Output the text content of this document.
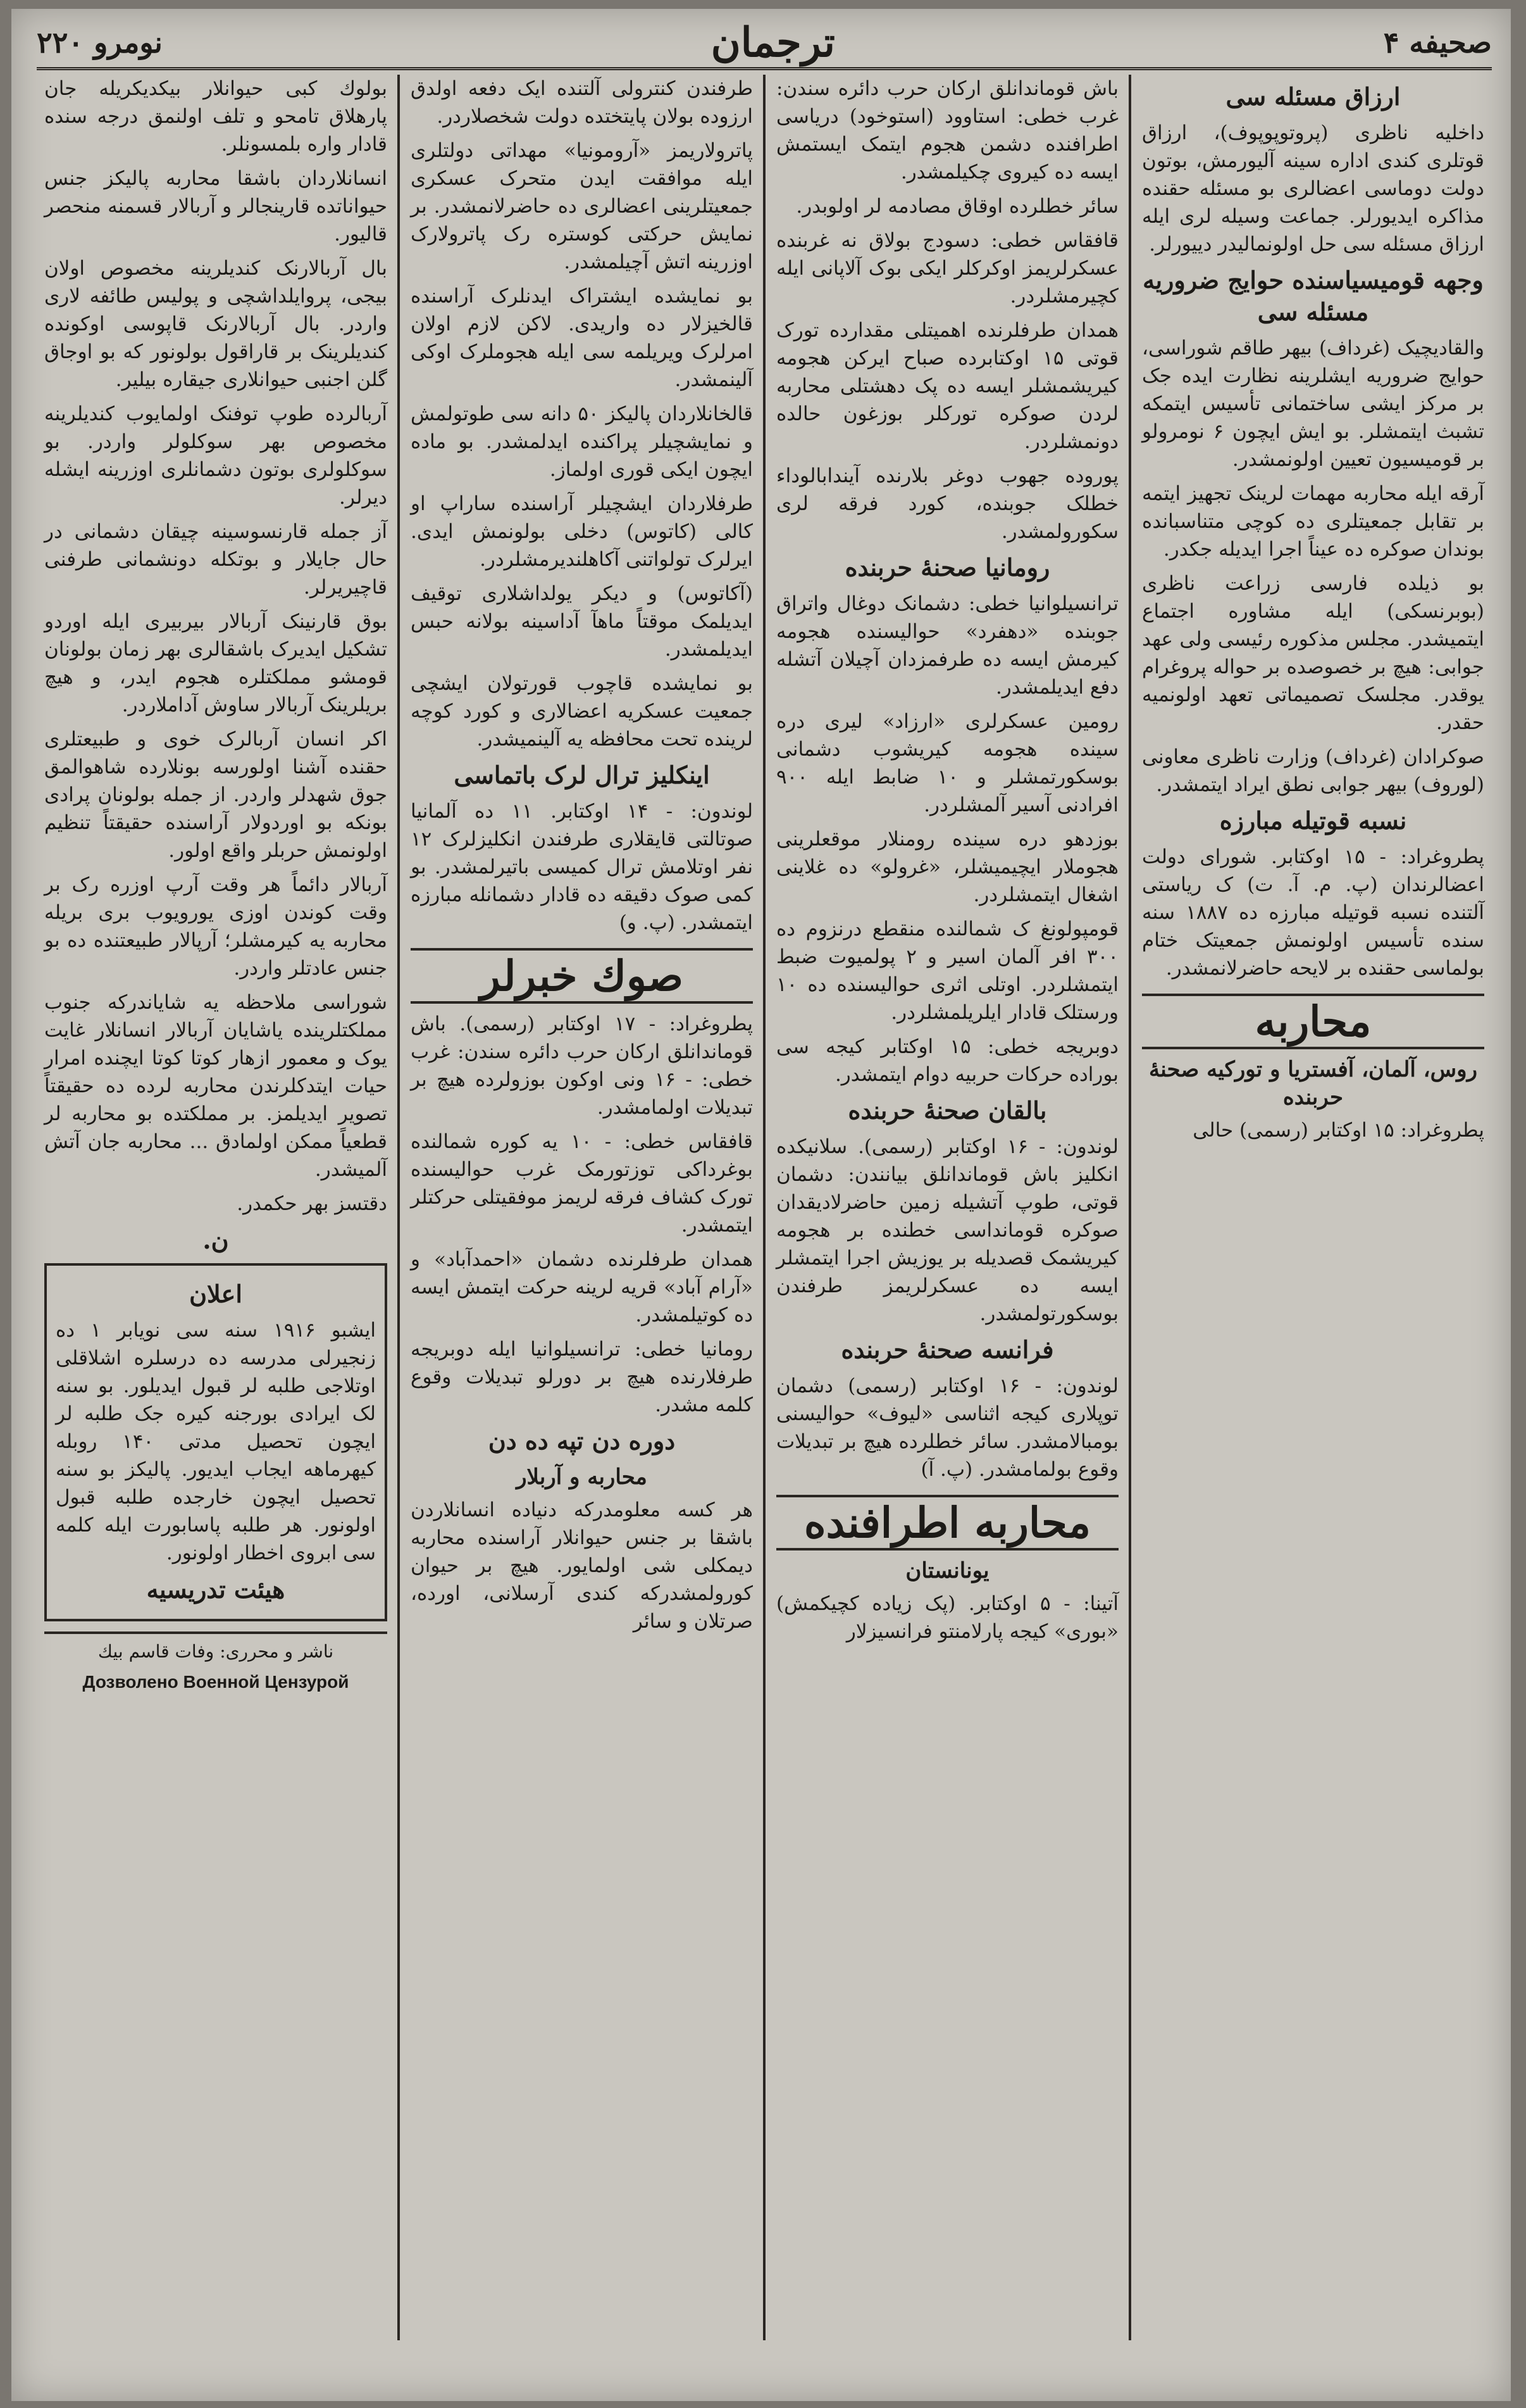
صحیفه ۴
ترجمان
نومرو ۲۲۰
ارزاق مسئله سی

داخلیه ناظری (پروتوپوپوف)، ارزاق قوتلری کندی اداره سینه آلیورمش، بوتون دولت دوماسی اعضالری بو مسئله حقنده مذاکره ایدیورلر. جماعت وسیله لری ایله ارزاق مسئله سی حل اولونمالیدر دییورلر.

وجهه قومیسیاسنده حوایج ضروریه مسئله سی

والقادیچیک (غرداف) بیهر طاقم شوراسی، حوایج ضروریه ایشلرینه نظارت ایده جک بر مرکز ایشی ساختمانی تأسیس ایتمکه تشبث ایتمشلر. بو ایش ایچون ۶ نومرولو بر قومیسیون تعیین اولونمشدر.

آرقه ایله محاربه مهمات لرینک تجهیز ایتمه بر تقابل جمعیتلری ده کوچی متناسبانده بوندان صوکره ده عیناً اجرا ایدیله جکدر.

بو ذیلده فارسی زراعت ناظری (بوبرنسکی) ایله مشاوره اجتماع ایتمیشدر. مجلس مذکوره رئیسی ولی عهد جوابی: هیچ بر خصوصده بر حواله پروغرام یوقدر. مجلسک تصمیماتی تعهد اولونمیه حقدر.

صوکرادان (غرداف) وزارت ناظری معاونی (لوروف) بیهر جوابی نطق ایراد ایتمشدر.

نسبه قوتیله مبارزه

پطروغراد: - ۱۵ اوکتابر. شورای دولت اعضالرندان (پ. م. آ. ت) ک ریاستی آلتنده نسبه قوتیله مبارزه ده ۱۸۸۷ سنه سنده تأسیس اولونمش جمعیتک ختام بولماسی حقنده بر لایحه حاضرلانمشدر.

محاربه
روس، آلمان، آفستریا و تورکیه صحنهٔ حربنده

پطروغراد: ۱۵ اوکتابر (رسمی) حالی

باش قوماندانلق ارکان حرب دائره سندن: غرب خطی: استاوود (استوخود) دریاسی اطرافنده دشمن هجوم ایتمک ایستمش ایسه ده کیروی چکیلمشدر.

سائر خطلرده اوقاق مصادمه لر اولوبدر.

قافقاس خطی: دسودج بولاق نه غربنده عسکرلریمز اوکرکلر ایکی بوک آلاپانی ایله کچیرمشلردر.

همدان طرفلرنده اهمیتلی مقدارده تورک قوتی ۱۵ اوکتابرده صباح ایرکن هجومه کیریشمشلر ایسه ده پک دهشتلی محاربه لردن صوکره تورکلر بوزغون حالده دونمشلردر.

پوروده جهوب دوغر بلارنده آیندابالوداء خطلک جوبنده، کورد فرقه لری سکورولمشدر.

رومانیا صحنهٔ حربنده

ترانسیلوانیا خطی: دشمانک دوغال واتراق جوبنده «دهفرد» حوالیسنده هجومه کیرمش ایسه ده طرفمزدان آچیلان آتشله دفع ایدیلمشدر.

رومین عسکرلری «ارزاد» لیری دره سینده هجومه کیریشوب دشمانی بوسکورتمشلر و ۱۰ ضابط ایله ۹۰۰ افرادنی آسیر آلمشلردر.

بوزدهو دره سینده رومنلار موقعلرینی هجوملار ایچیمیشلر، «غرولو» ده غلاینی اشغال ایتمشلردر.

قومپولونغ ک شمالنده منقطع درنزوم ده ۳۰۰ افر آلمان اسیر و ۲ پولمیوت ضبط ایتمشلردر. اوتلی اثری حوالیسنده ده ۱۰ ورستلک قادار ایلریلمشلردر.

دوبریجه خطی: ۱۵ اوکتابر کیجه سی بوراده حرکات حربیه دوام ایتمشدر.

بالقان صحنهٔ حربنده

لوندون: - ۱۶ اوکتابر (رسمی). سلانیکده انکلیز باش قوماندانلق بیانندن: دشمان قوتی، طوپ آتشیله زمین حاضرلادیقدان صوکره قومانداسی خطنده بر هجومه کیریشمک قصدیله بر یوزیش اجرا ایتمشلر ایسه ده عسکرلریمز طرفندن بوسکورتولمشدر.

فرانسه صحنهٔ حربنده

لوندون: - ۱۶ اوکتابر (رسمی) دشمان توپلاری کیجه اثناسی «لیوف» حوالیسنی بومبالامشدر. سائر خطلرده هیچ بر تبدیلات وقوع بولمامشدر. (پ. آ)

محاربه اطرافنده
یونانستان

آتینا: - ۵ اوکتابر. (پک زیاده کچیکمش) «بوری» کیجه پارلامنتو فرانسیزلار

طرفندن کنترولی آلتنده ایک دفعه اولدق ارزوده بولان پایتختده دولت شخصلاردر.

پاترولاریمز «آرومونیا» مهداتی دولتلری ایله موافقت ایدن متحرک عسکری جمعیتلرینی اعضالری ده حاضرلانمشدر. بر نمایش حرکتی کوستره رک پاترولارک اوزرینه اتش آچیلمشدر.

بو نمایشده ایشتراک ایدنلرک آراسنده قالخیزلار ده واریدی. لاکن لازم اولان امرلرک ویریلمه سی ایله هجوملرک اوکی آلینمشدر.

قالخانلاردان پالیکز ۵۰ دانه سی طوتولمش و نمایشچیلر پراکنده ایدلمشدر. بو ماده ایچون ایکی قوری اولماز.

طرفلاردان ایشچیلر آراسنده ساراپ او کالی (کاتوس) دخلی بولونمش ایدی. ایرلرک تولواتنی آکاهلندیرمشلردر.

(آکاتوس) و دیکر یولداشلاری توقیف ایدیلمک موقتاً ماهآ آداسینه بولانه حبس ایدیلمشدر.

بو نمایشده قاچوب قورتولان ایشچی جمعیت عسکریه اعضالاری و کورد کوچه لرینده تحت محافظه یه آلینمیشدر.

اینکلیز ترال لرک باتماسی

لوندون: - ۱۴ اوکتابر. ۱۱ ده آلمانیا صوتالتی قایقلاری طرفندن انکلیزلرک ۱۲ نفر اوتلامش ترال کمیسی باتیرلمشدر. بو کمی صوک دقیقه ده قادار دشمانله مبارزه ایتمشدر. (پ. و)

صوك خبرلر

پطروغراد: - ۱۷ اوکتابر (رسمی). باش قوماندانلق ارکان حرب دائره سندن: غرب خطی: - ۱۶ ونی اوکون بوزولرده هیچ بر تبدیلات اولمامشدر.

قافقاس خطی: - ۱۰ یه کوره شمالنده بوغرداکی توزتورمک غرب حوالیسنده تورک کشاف فرقه لریمز موفقیتلی حرکتلر ایتمشدر.

همدان طرفلرنده دشمان «احمدآباد» و «آرام آباد» قریه لرینه حرکت ایتمش ایسه ده کوتیلمشدر.

رومانیا خطی: ترانسیلوانیا ایله دوبریجه طرفلارنده هیچ بر دورلو تبدیلات وقوع کلمه مشدر.

دوره دن تپه ده دن
محاربه و آربلار

هر کسه معلومدرکه دنیاده انسانلاردن باشقا بر جنس حیوانلار آراسنده محاربه دیمکلی شی اولمایور. هیچ بر حیوان کورولمشدرکه کندی آرسلانی، اورده، صرتلان و سائر

بولوك کبی حیوانلار بیکدیکریله جان پارهلاق تامحو و تلف اولنمق درجه سنده قادار واره بلمسونلر.

انسانلاردان باشقا محاربه پالیکز جنس حیواناتده قارینجالر و آربالار قسمنه منحصر قالیور.

بال آربالارنک کندیلرینه مخصوص اولان بیجی، پروایلداشچی و پولیس طائفه لاری واردر. بال آربالارنک قاپوسی اوکونده کندیلرینک بر قاراقول بولونور که بو اوجاق گلن اجنبی حیوانلاری جیقاره بیلیر.

آربالرده طوپ توفنک اولمایوب کندیلرینه مخصوص بهر سوکلولر واردر. بو سوکلولری بوتون دشمانلری اوزرینه ایشله دیرلر.

آز جمله قارنسوسینه چیقان دشمانی در حال جایلار و بوتکله دونشمانی طرفنی قاچیریرلر.

بوق قارنینک آربالار بیربیری ایله اوردو تشکیل ایدیرک باشقالری بهر زمان بولونان قومشو مملکتلره هجوم ایدر، و هیچ بریلرینک آربالار ساوش آداملاردر.

اکر انسان آربالرک خوی و طبیعتلری حقنده آشنا اولورسه بونلارده شاهوالمق جوق شهدلر واردر. از جمله بولونان پرادی بونکه بو اوردولار آراسنده حقیقتاً تنظیم اولونمش حربلر واقع اولور.

آربالار دائماً هر وقت آرپ اوزره رک بر وقت کوندن اوزی یورویوب بری بریله محاربه یه کیرمشلر؛ آرپالار طبیعتنده ده بو جنس عادتلر واردر.

شوراسی ملاحظه یه شایاندرکه جنوب مملکتلرینده یاشایان آربالار انسانلار غایت یوک و معمور ازهار کوتا کوتا ایچنده امرار حیات ایتدکلرندن محاربه لرده ده حقیقتاً تصویر ایدیلمز. بر مملکتده بو محاربه لر قطعیاً ممکن اولمادق ... محاربه جان آتش آلمیشدر.

دقتسز بهر حکمدر.

ن.
اعلان

ایشبو ۱۹۱۶ سنه سی نویابر ۱ ده زنجیرلی مدرسه ده درسلره اشلاقلی اوتلاجی طلبه لر قبول ایدیلور. بو سنه لک ایرادی بورجنه کیره جک طلبه لر ایچون تحصیل مدتی ۱۴۰ روبله کیهرماهه ایجاب ایدیور. پالیکز بو سنه تحصیل ایچون خارجده طلبه قبول اولونور. هر طلبه پاسابورت ایله کلمه سی ابروی اخطار اولونور.

هیئت تدریسیه
ناشر و محرری: وفات قاسم بیك
Дозволено Военной Цензурой
